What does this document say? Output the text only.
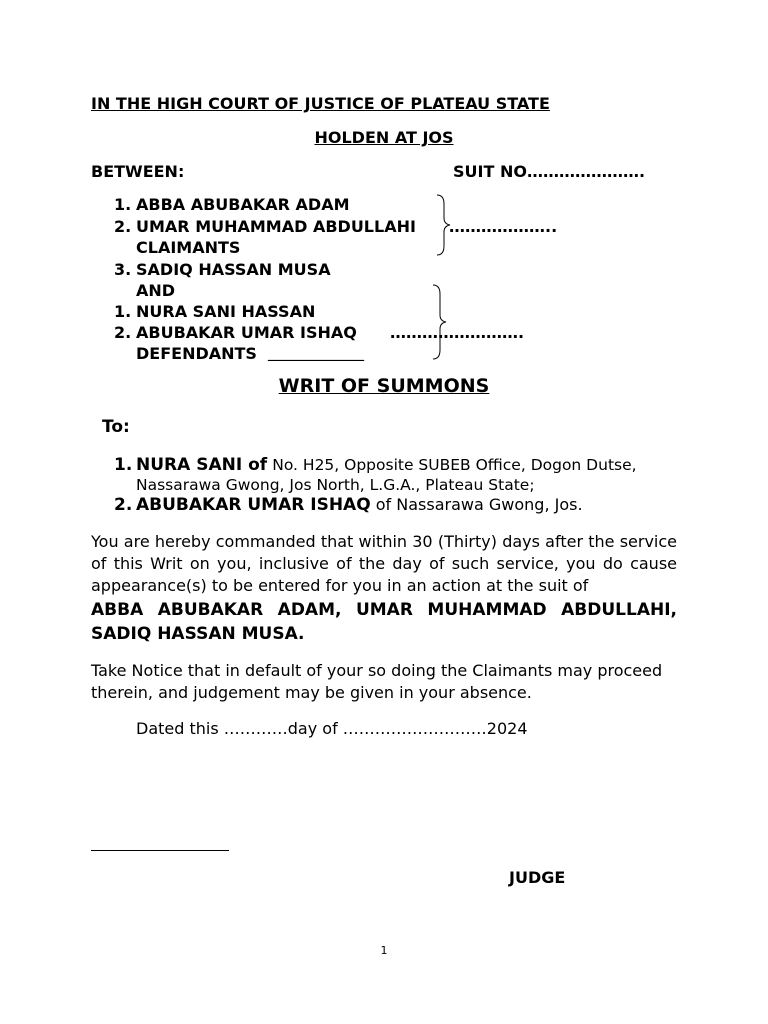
IN THE HIGH COURT OF JUSTICE OF PLATEAU STATE
HOLDEN AT JOS
BETWEEN:	SUIT NO………………….
1. ABBA ABUBAKAR ADAM
2. UMAR MUHAMMAD ABDULLAHI ………………..
CLAIMANTS
3. SADIQ HASSAN MUSA
AND
1. NURA SANI HASSAN
2. ABUBAKAR UMAR ISHAQ …………………….
DEFENDANTS ____________
WRIT OF SUMMONS
To:
1. NURA SANI of No. H25, Opposite SUBEB Office, Dogon Dutse,
Nassarawa Gwong, Jos North, L.G.A., Plateau State;
2. ABUBAKAR UMAR ISHAQ of Nassarawa Gwong, Jos.
You are hereby commanded that within 30 (Thirty) days after the service of this Writ on you, inclusive of the day of such service, you do cause appearance(s) to be entered for you in an action at the suit of
ABBA ABUBAKAR ADAM, UMAR MUHAMMAD ABDULLAHI, SADIQ HASSAN MUSA.
Take Notice that in default of your so doing the Claimants may proceed therein, and judgement may be given in your absence.
Dated this …………day of ………………………2024
JUDGE
1
